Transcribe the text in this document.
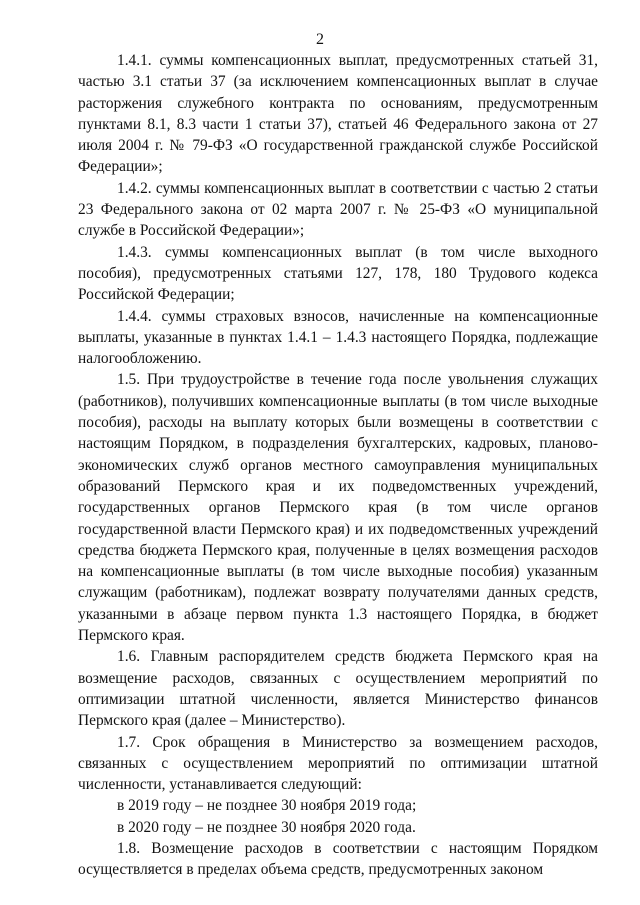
2

1.4.1. суммы компенсационных выплат, предусмотренных статьей 31, частью 3.1 статьи 37 (за исключением компенсационных выплат в случае расторжения служебного контракта по основаниям, предусмотренным пунктами 8.1, 8.3 части 1 статьи 37), статьей 46 Федерального закона от 27 июля 2004 г. № 79-ФЗ «О государственной гражданской службе Российской Федерации»;

1.4.2. суммы компенсационных выплат в соответствии с частью 2 статьи 23 Федерального закона от 02 марта 2007 г. № 25-ФЗ «О муниципальной службе в Российской Федерации»;

1.4.3. суммы компенсационных выплат (в том числе выходного пособия), предусмотренных статьями 127, 178, 180 Трудового кодекса Российской Федерации;

1.4.4. суммы страховых взносов, начисленные на компенсационные выплаты, указанные в пунктах 1.4.1 – 1.4.3 настоящего Порядка, подлежащие налогообложению.

1.5. При трудоустройстве в течение года после увольнения служащих (работников), получивших компенсационные выплаты (в том числе выходные пособия), расходы на выплату которых были возмещены в соответствии с настоящим Порядком, в подразделения бухгалтерских, кадровых, планово-экономических служб органов местного самоуправления муниципальных образований Пермского края и их подведомственных учреждений, государственных органов Пермского края (в том числе органов государственной власти Пермского края) и их подведомственных учреждений средства бюджета Пермского края, полученные в целях возмещения расходов на компенсационные выплаты (в том числе выходные пособия) указанным служащим (работникам), подлежат возврату получателями данных средств, указанными в абзаце первом пункта 1.3 настоящего Порядка, в бюджет Пермского края.

1.6. Главным распорядителем средств бюджета Пермского края на возмещение расходов, связанных с осуществлением мероприятий по оптимизации штатной численности, является Министерство финансов Пермского края (далее – Министерство).

1.7. Срок обращения в Министерство за возмещением расходов, связанных с осуществлением мероприятий по оптимизации штатной численности, устанавливается следующий:

в 2019 году – не позднее 30 ноября 2019 года;

в 2020 году – не позднее 30 ноября 2020 года.

1.8. Возмещение расходов в соответствии с настоящим Порядком осуществляется в пределах объема средств, предусмотренных законом
